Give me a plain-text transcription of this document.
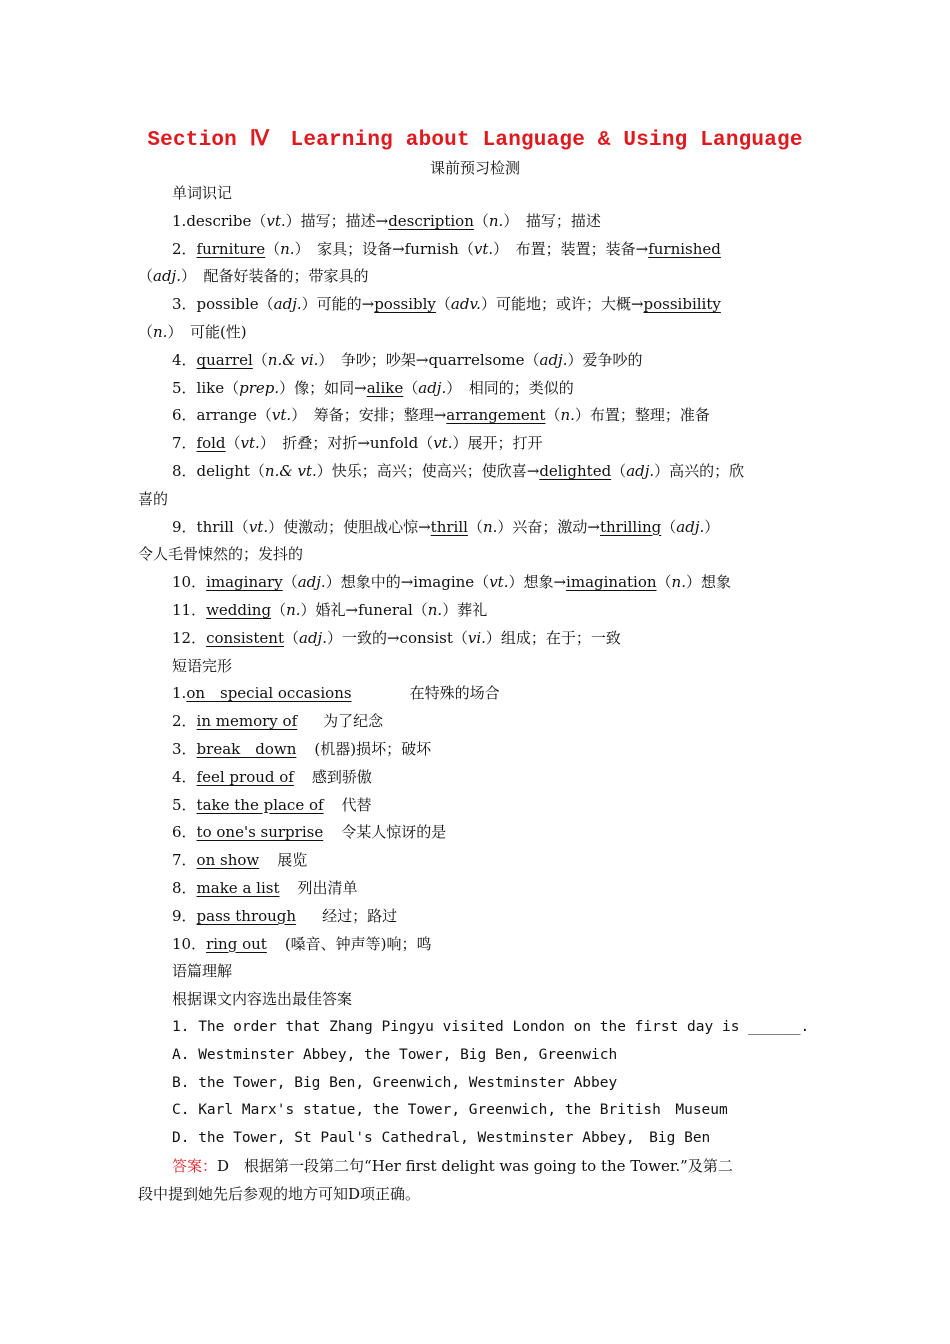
Section Ⅳ　Learning about Language & Using Language
课前预习检测
单词识记
1.describe（vt.）描写；描述→description（n.）　描写；描述
2．furniture（n.）　家具；设备→furnish（vt.）　布置；装置；装备→furnished
（adj.）　配备好装备的；带家具的
3．possible（adj.）可能的→possibly（adv.）可能地；或许；大概→possibility
（n.）　可能(性)
4．quarrel（n.& vi.）　争吵；吵架→quarrelsome（adj.）爱争吵的
5．like（prep.）像；如同→alike（adj.）　相同的；类似的
6．arrange（vt.）　筹备；安排；整理→arrangement（n.）布置；整理；准备
7．fold（vt.）　折叠；对折→unfold（vt.）展开；打开
8．delight（n.& vt.）快乐；高兴；使高兴；使欣喜→delighted（adj.）高兴的；欣
喜的
9．thrill（vt.）使激动；使胆战心惊→thrill（n.）兴奋；激动→thrilling（adj.）
令人毛骨悚然的；发抖的
10．imaginary（adj.）想象中的→imagine（vt.）想象→imagination（n.）想象
11．wedding（n.）婚礼→funeral（n.）葬礼
12．consistent（adj.）一致的→consist（vi.）组成；在于；一致
短语完形
1.on　special occasions	在特殊的场合
2．in memory of 为了纪念
3．break　down (机器)损坏；破坏
4．feel proud of 感到骄傲
5．take the place of 代替
6．to one's surprise 令某人惊讶的是
7．on show 展览
8．make a list 列出清单
9．pass through 经过；路过
10．ring out (嗓音、钟声等)响；鸣
语篇理解
根据课文内容选出最佳答案
1. The order that Zhang Pingyu visited London on the first day is ______.
A. Westminster Abbey, the Tower, Big Ben, Greenwich
B. the Tower, Big Ben, Greenwich, Westminster Abbey
C. Karl Marx's statue, the Tower, Greenwich, the British　Museum
D. the Tower, St Paul's Cathedral, Westminster Abbey,　Big Ben
答案：D　根据第一段第二句“Her first delight was going to the Tower.”及第二
段中提到她先后参观的地方可知D项正确。
